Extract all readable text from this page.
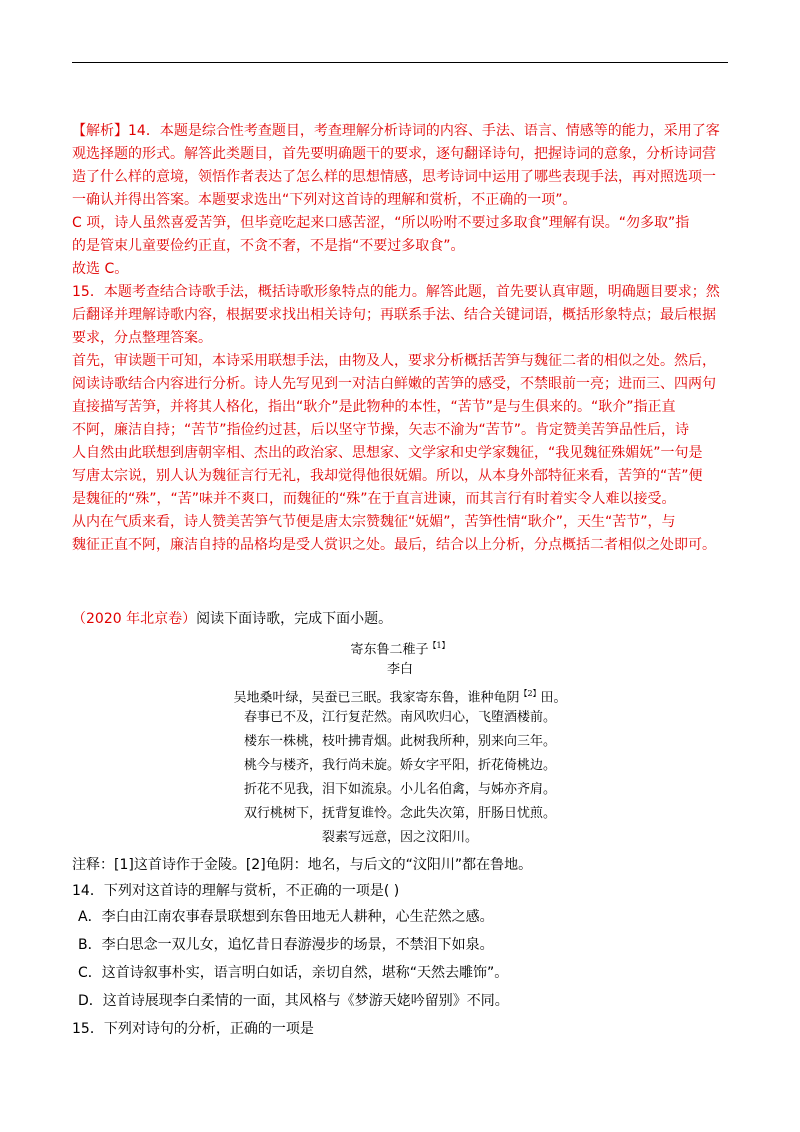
【解析】14．本题是综合性考查题目，考查理解分析诗词的内容、手法、语言、情感等的能力，采用了客
观选择题的形式。解答此类题目，首先要明确题干的要求，逐句翻译诗句，把握诗词的意象，分析诗词营
造了什么样的意境，领悟作者表达了怎么样的思想情感，思考诗词中运用了哪些表现手法，再对照选项一
一确认并得出答案。本题要求选出“下列对这首诗的理解和赏析，不正确的一项”。
C 项，诗人虽然喜爱苦笋，但毕竟吃起来口感苦涩，“所以吩咐不要过多取食”理解有误。“勿多取”指
的是管束儿童要俭约正直，不贪不奢，不是指“不要过多取食”。
故选 C。
15．本题考查结合诗歌手法，概括诗歌形象特点的能力。解答此题，首先要认真审题，明确题目要求；然
后翻译并理解诗歌内容，根据要求找出相关诗句；再联系手法、结合关键词语，概括形象特点；最后根据
要求，分点整理答案。
首先，审读题干可知，本诗采用联想手法，由物及人，要求分析概括苦笋与魏征二者的相似之处。然后，
阅读诗歌结合内容进行分析。诗人先写见到一对洁白鲜嫩的苦笋的感受，不禁眼前一亮；进而三、四两句
直接描写苦笋，并将其人格化，指出“耿介”是此物种的本性，“苦节”是与生俱来的。“耿介”指正直
不阿，廉洁自持；“苦节”指俭约过甚，后以坚守节操，矢志不渝为“苦节”。肯定赞美苦笋品性后，诗
人自然由此联想到唐朝宰相、杰出的政治家、思想家、文学家和史学家魏征，“我见魏征殊媚妩”一句是
写唐太宗说，别人认为魏征言行无礼，我却觉得他很妩媚。所以，从本身外部特征来看，苦笋的“苦”便
是魏征的“殊”，“苦”味并不爽口，而魏征的“殊”在于直言进谏，而其言行有时着实令人难以接受。
从内在气质来看，诗人赞美苦笋气节便是唐太宗赞魏征“妩媚”，苦笋性情“耿介”，天生“苦节”，与
魏征正直不阿，廉洁自持的品格均是受人赏识之处。最后，结合以上分析，分点概括二者相似之处即可。
（2020 年北京卷）阅读下面诗歌，完成下面小题。
寄东鲁二稚子$^{【1】}$
李白
吴地桑叶绿，吴蚕已三眠。我家寄东鲁，谁种龟阴$^{【2】}$田。
春事已不及，江行复茫然。南风吹归心，飞堕酒楼前。
楼东一株桃，枝叶拂青烟。此树我所种，别来向三年。
桃今与楼齐，我行尚未旋。娇女字平阳，折花倚桃边。
折花不见我，泪下如流泉。小儿名伯禽，与姊亦齐肩。
双行桃树下，抚背复谁怜。念此失次第，肝肠日忧煎。
裂素写远意，因之汶阳川。
注释：[1]这首诗作于金陵。[2]龟阴：地名，与后文的“汶阳川”都在鲁地。
14．下列对这首诗的理解与赏析，不正确的一项是( )
A．李白由江南农事春景联想到东鲁田地无人耕种，心生茫然之感。
B．李白思念一双儿女，追忆昔日春游漫步的场景，不禁泪下如泉。
C．这首诗叙事朴实，语言明白如话，亲切自然，堪称“天然去雕饰”。
D．这首诗展现李白柔情的一面，其风格与《梦游天姥吟留别》不同。
15．下列对诗句的分析，正确的一项是
